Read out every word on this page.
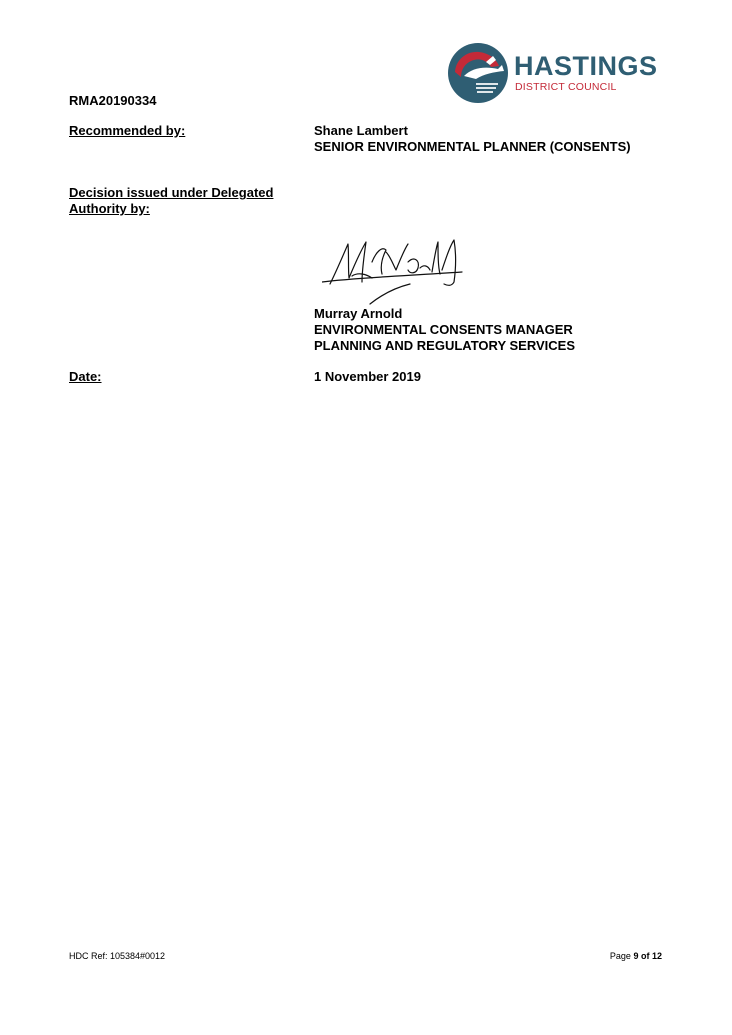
HASTINGS
DISTRICT COUNCIL
RMA20190334
Recommended by:	Shane Lambert
SENIOR ENVIRONMENTAL PLANNER (CONSENTS)
Decision issued under Delegated
Authority by:
Murray Arnold
ENVIRONMENTAL CONSENTS MANAGER
PLANNING AND REGULATORY SERVICES
Date:	1 November 2019
HDC Ref: 105384#0012	Page 9 of 12
